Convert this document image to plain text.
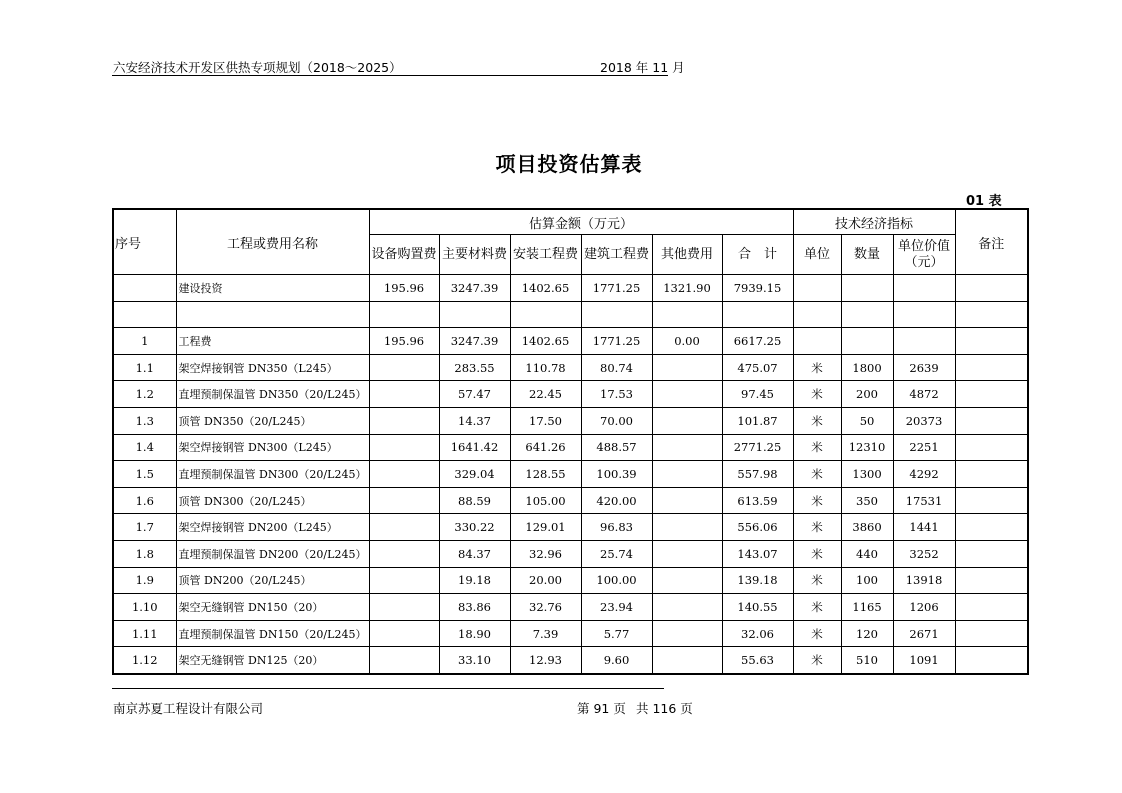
六安经济技术开发区供热专项规划（2018～2025）	2018 年 11 月
项目投资估算表
01 表
序号	工程或费用名称	估算金额（万元）						技术经济指标			备注
		设备购置费	主要材料费	安装工程费	建筑工程费	其他费用	合　计	单位	数量	单位价值（元）	
	建设投资	195.96	3247.39	1402.65	1771.25	1321.90	7939.15				

1	工程费	195.96	3247.39	1402.65	1771.25	0.00	6617.25				
1.1	架空焊接钢管 DN350（L245）		283.55	110.78	80.74		475.07	米	1800	2639	
1.2	直埋预制保温管 DN350（20/L245）		57.47	22.45	17.53		97.45	米	200	4872	
1.3	顶管 DN350（20/L245）		14.37	17.50	70.00		101.87	米	50	20373	
1.4	架空焊接钢管 DN300（L245）		1641.42	641.26	488.57		2771.25	米	12310	2251	
1.5	直埋预制保温管 DN300（20/L245）		329.04	128.55	100.39		557.98	米	1300	4292	
1.6	顶管 DN300（20/L245）		88.59	105.00	420.00		613.59	米	350	17531	
1.7	架空焊接钢管 DN200（L245）		330.22	129.01	96.83		556.06	米	3860	1441	
1.8	直埋预制保温管 DN200（20/L245）		84.37	32.96	25.74		143.07	米	440	3252	
1.9	顶管 DN200（20/L245）		19.18	20.00	100.00		139.18	米	100	13918	
1.10	架空无缝钢管 DN150（20）		83.86	32.76	23.94		140.55	米	1165	1206	
1.11	直埋预制保温管 DN150（20/L245）		18.90	7.39	5.77		32.06	米	120	2671	
1.12	架空无缝钢管 DN125（20）		33.10	12.93	9.60		55.63	米	510	1091	
南京苏夏工程设计有限公司	第 91 页 共 116 页
